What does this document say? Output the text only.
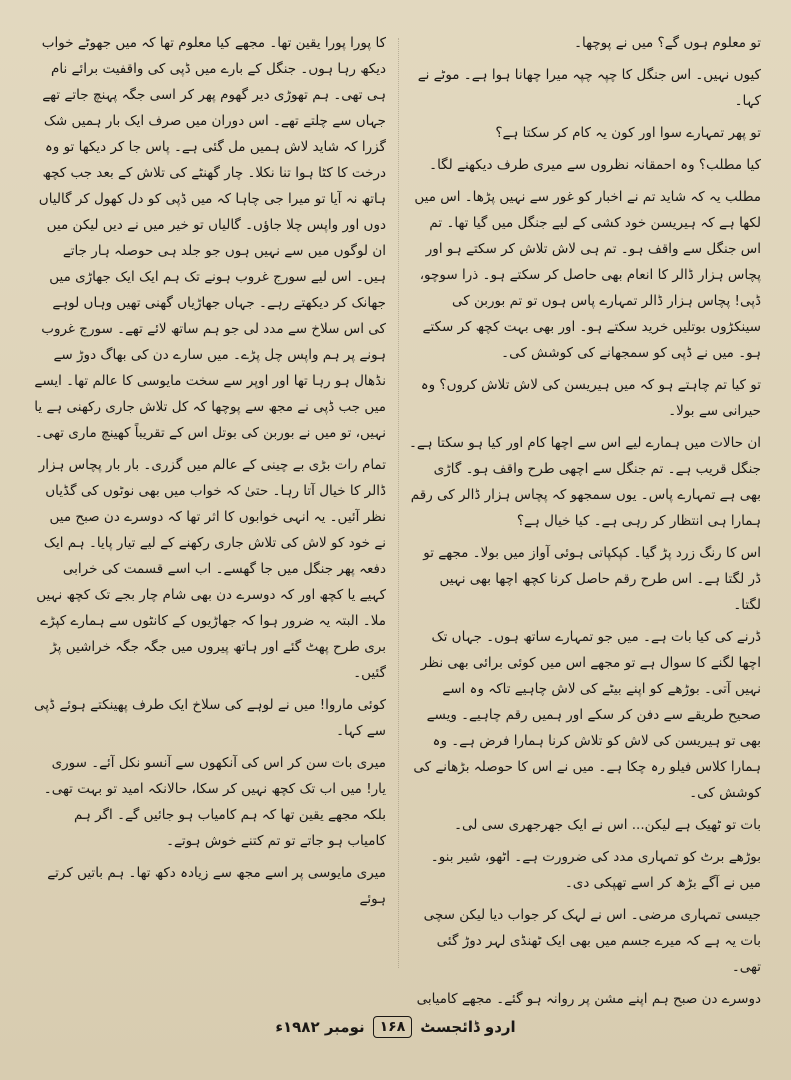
تو معلوم ہوں گے؟ میں نے پوچھا۔

کیوں نہیں۔ اس جنگل کا چپہ چپہ میرا چھانا ہوا ہے۔ موٹے نے کہا۔

تو پھر تمہارے سوا اور کون یہ کام کر سکتا ہے؟

کیا مطلب؟ وہ احمقانہ نظروں سے میری طرف دیکھنے لگا۔

مطلب یہ کہ شاید تم نے اخبار کو غور سے نہیں پڑھا۔ اس میں لکھا ہے کہ ہیریسن خود کشی کے لیے جنگل میں گیا تھا۔ تم اس جنگل سے واقف ہو۔ تم ہی لاش تلاش کر سکتے ہو اور پچاس ہزار ڈالر کا انعام بھی حاصل کر سکتے ہو۔ ذرا سوچو، ڈپی! پچاس ہزار ڈالر تمہارے پاس ہوں تو تم بوربن کی سینکڑوں بوتلیں خرید سکتے ہو۔ اور بھی بہت کچھ کر سکتے ہو۔ میں نے ڈپی کو سمجھانے کی کوشش کی۔

تو کیا تم چاہتے ہو کہ میں ہیریسن کی لاش تلاش کروں؟ وہ حیرانی سے بولا۔

ان حالات میں ہمارے لیے اس سے اچھا کام اور کیا ہو سکتا ہے۔ جنگل قریب ہے۔ تم جنگل سے اچھی طرح واقف ہو۔ گاڑی بھی ہے تمہارے پاس۔ یوں سمجھو کہ پچاس ہزار ڈالر کی رقم ہمارا ہی انتظار کر رہی ہے۔ کیا خیال ہے؟

اس کا رنگ زرد پڑ گیا۔ کپکپاتی ہوئی آواز میں بولا۔ مجھے تو ڈر لگتا ہے۔ اس طرح رقم حاصل کرنا کچھ اچھا بھی نہیں لگتا۔

ڈرنے کی کیا بات ہے۔ میں جو تمہارے ساتھ ہوں۔ جہاں تک اچھا لگنے کا سوال ہے تو مجھے اس میں کوئی برائی بھی نظر نہیں آتی۔ بوڑھے کو اپنے بیٹے کی لاش چاہیے تاکہ وہ اسے صحیح طریقے سے دفن کر سکے اور ہمیں رقم چاہیے۔ ویسے بھی تو ہیریسن کی لاش کو تلاش کرنا ہمارا فرض ہے۔ وہ ہمارا کلاس فیلو رہ چکا ہے۔ میں نے اس کا حوصلہ بڑھانے کی کوشش کی۔

بات تو ٹھیک ہے لیکن... اس نے ایک جھرجھری سی لی۔

بوڑھے برٹ کو تمہاری مدد کی ضرورت ہے۔ اٹھو، شیر بنو۔ میں نے آگے بڑھ کر اسے تھپکی دی۔

جیسی تمہاری مرضی۔ اس نے لہک کر جواب دیا لیکن سچی بات یہ ہے کہ میرے جسم میں بھی ایک ٹھنڈی لہر دوڑ گئی تھی۔

دوسرے دن صبح ہم اپنے مشن پر روانہ ہو گئے۔ مجھے کامیابی

کا پورا پورا یقین تھا۔ مجھے کیا معلوم تھا کہ میں جھوٹے خواب دیکھ رہا ہوں۔ جنگل کے بارے میں ڈپی کی واقفیت برائے نام ہی تھی۔ ہم تھوڑی دیر گھوم پھر کر اسی جگہ پہنچ جاتے تھے جہاں سے چلتے تھے۔ اس دوران میں صرف ایک بار ہمیں شک گزرا کہ شاید لاش ہمیں مل گئی ہے۔ پاس جا کر دیکھا تو وہ درخت کا کٹا ہوا تنا نکلا۔ چار گھنٹے کی تلاش کے بعد جب کچھ ہاتھ نہ آیا تو میرا جی چاہا کہ میں ڈپی کو دل کھول کر گالیاں دوں اور واپس چلا جاؤں۔ گالیاں تو خیر میں نے دیں لیکن میں ان لوگوں میں سے نہیں ہوں جو جلد ہی حوصلہ ہار جاتے ہیں۔ اس لیے سورج غروب ہونے تک ہم ایک ایک جھاڑی میں جھانک کر دیکھتے رہے۔ جہاں جھاڑیاں گھنی تھیں وہاں لوہے کی اس سلاخ سے مدد لی جو ہم ساتھ لائے تھے۔ سورج غروب ہونے پر ہم واپس چل پڑے۔ میں سارے دن کی بھاگ دوڑ سے نڈھال ہو رہا تھا اور اوپر سے سخت مایوسی کا عالم تھا۔ ایسے میں جب ڈپی نے مجھ سے پوچھا کہ کل تلاش جاری رکھنی ہے یا نہیں، تو میں نے بوربن کی بوتل اس کے تقریباً کھینچ ماری تھی۔

تمام رات بڑی بے چینی کے عالم میں گزری۔ بار بار پچاس ہزار ڈالر کا خیال آتا رہا۔ حتیٰ کہ خواب میں بھی نوٹوں کی گڈیاں نظر آئیں۔ یہ انہی خوابوں کا اثر تھا کہ دوسرے دن صبح میں نے خود کو لاش کی تلاش جاری رکھنے کے لیے تیار پایا۔ ہم ایک دفعہ پھر جنگل میں جا گھسے۔ اب اسے قسمت کی خرابی کہیے یا کچھ اور کہ دوسرے دن بھی شام چار بجے تک کچھ نہیں ملا۔ البتہ یہ ضرور ہوا کہ جھاڑیوں کے کانٹوں سے ہمارے کپڑے بری طرح پھٹ گئے اور ہاتھ پیروں میں جگہ جگہ خراشیں پڑ گئیں۔

کوئی ماروا! میں نے لوہے کی سلاخ ایک طرف پھینکتے ہوئے ڈپی سے کہا۔

میری بات سن کر اس کی آنکھوں سے آنسو نکل آئے۔ سوری یار! میں اب تک کچھ نہیں کر سکا، حالانکہ امید تو بہت تھی۔ بلکہ مجھے یقین تھا کہ ہم کامیاب ہو جائیں گے۔ اگر ہم کامیاب ہو جاتے تو تم کتنے خوش ہوتے۔

میری مایوسی پر اسے مجھ سے زیادہ دکھ تھا۔ ہم باتیں کرتے ہوئے

اردو ڈائجسٹ
۱۶۸
نومبر ۱۹۸۲ء
